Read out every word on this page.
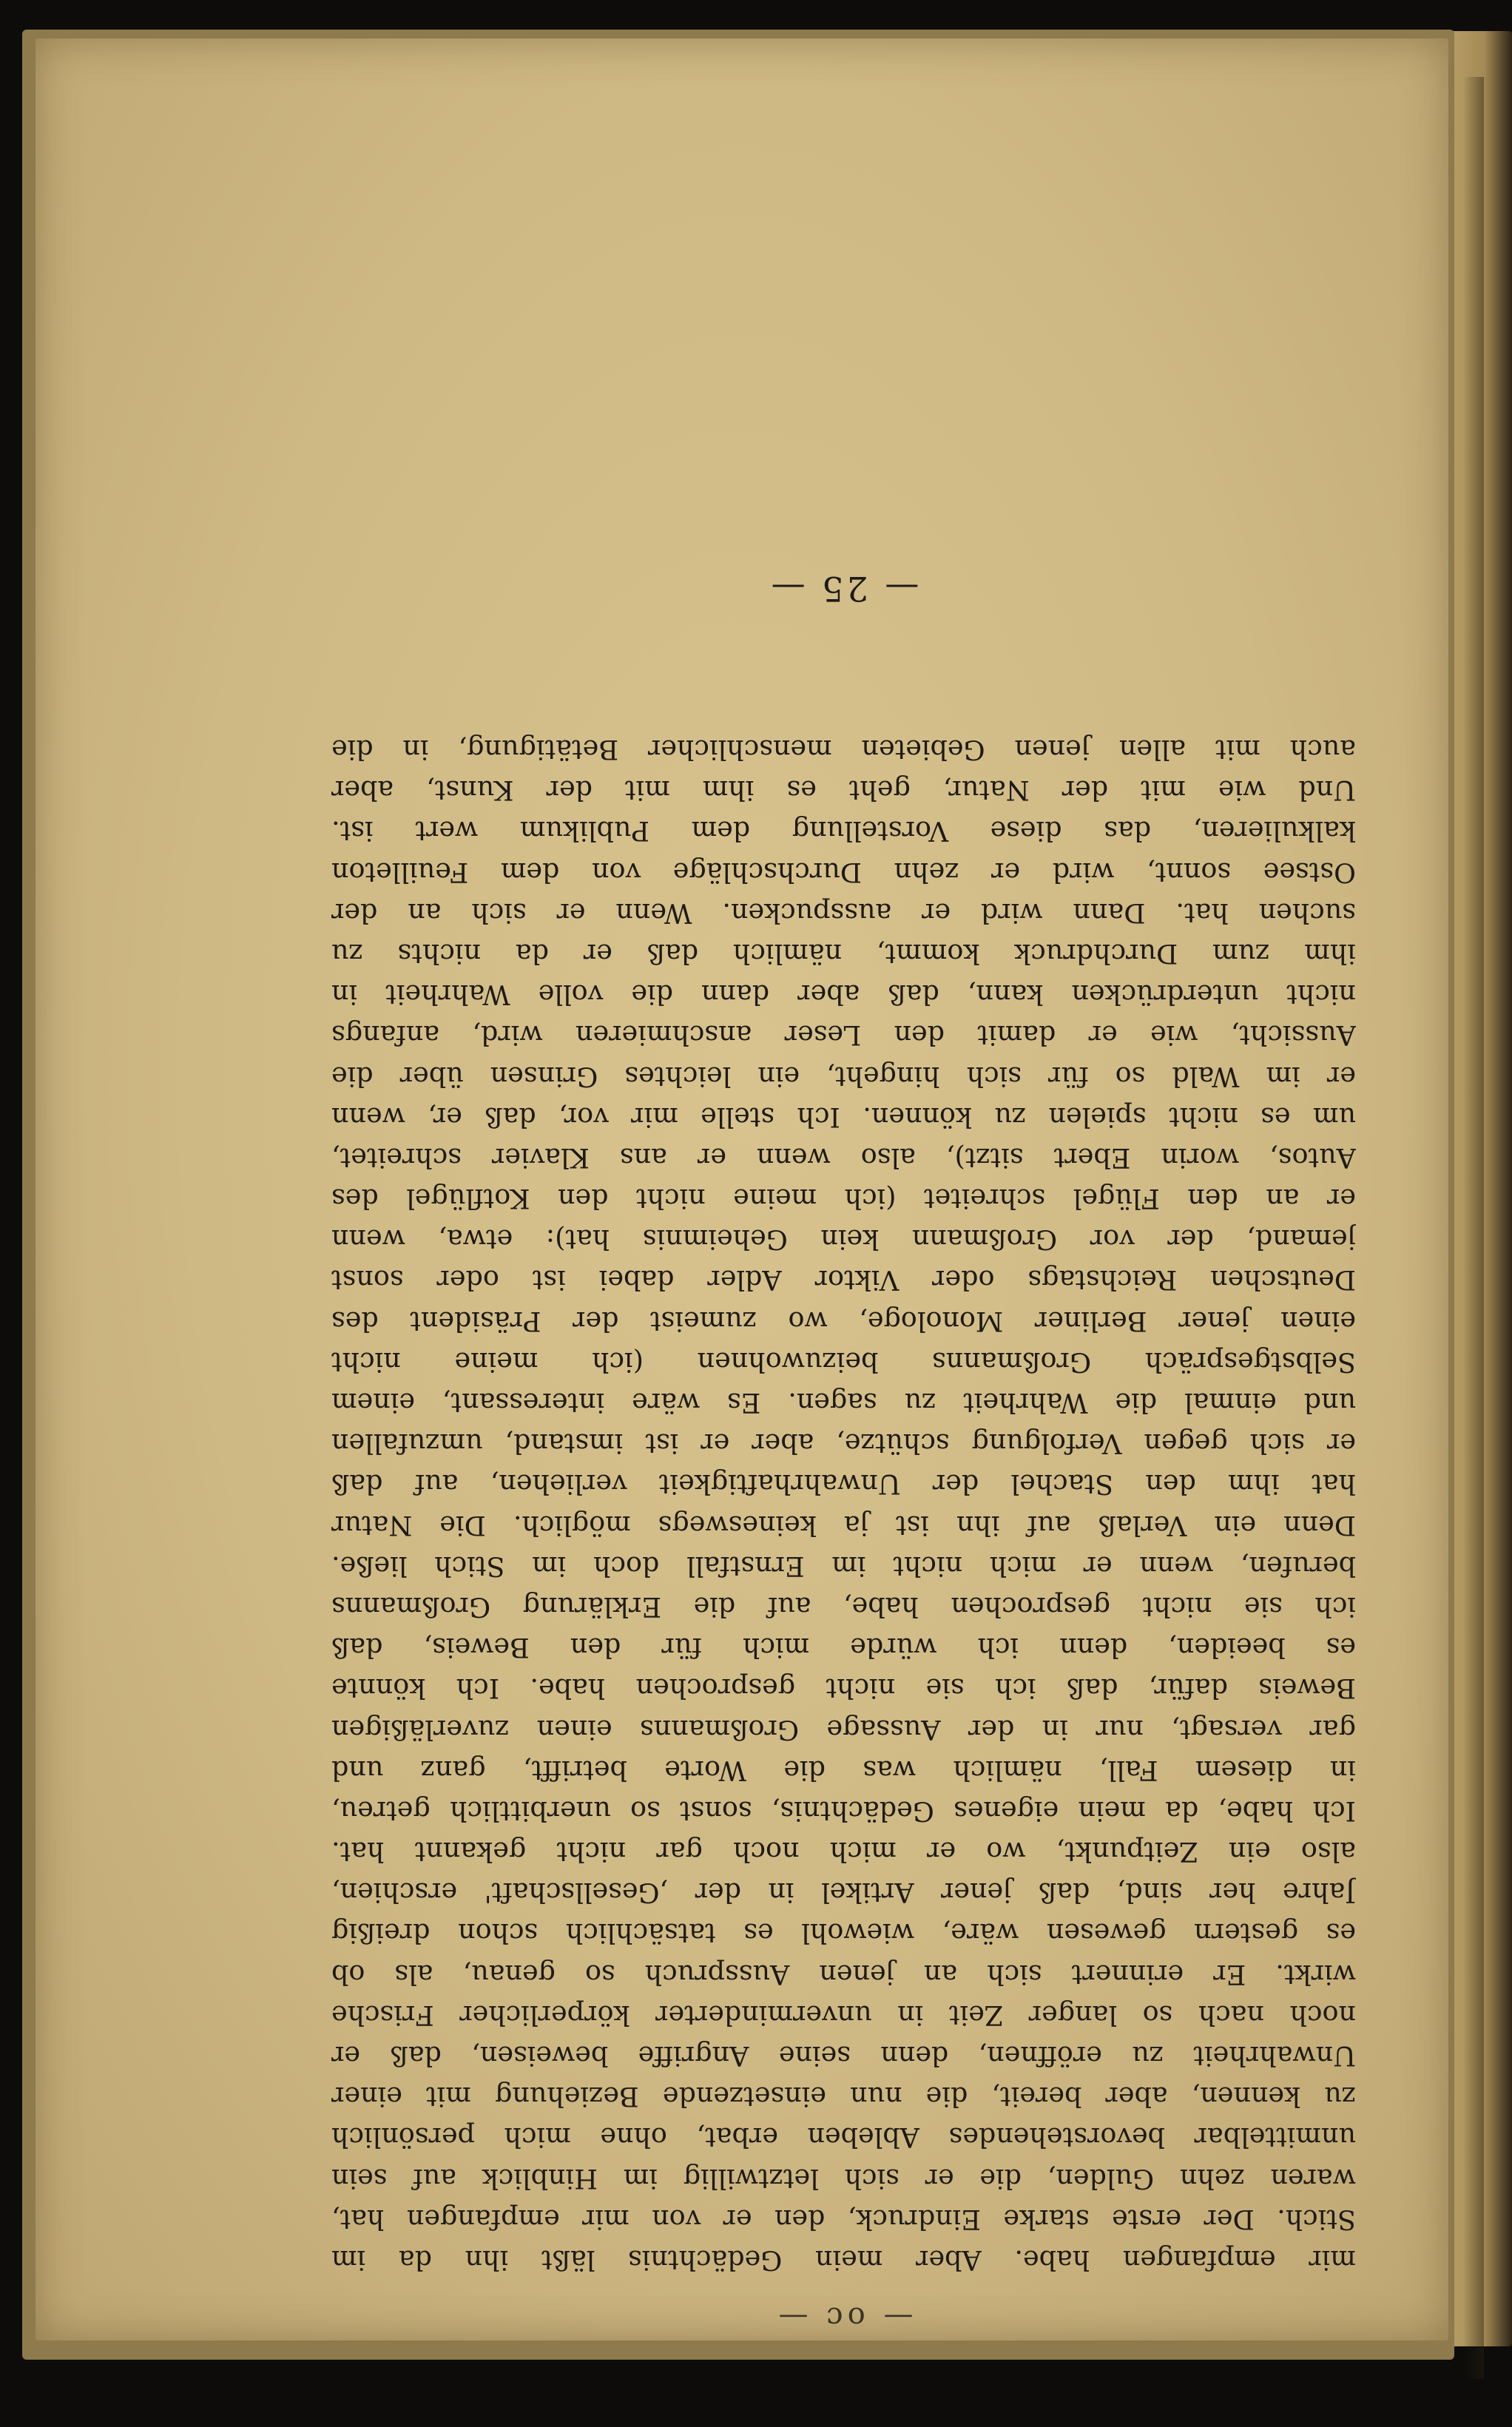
— oc —
mir empfangen habe. Aber mein Gedächtnis läßt ihn da im
Stich. Der erste starke Eindruck, den er von mir empfangen hat,
waren zehn Gulden, die er sich letztwillig im Hinblick auf sein
unmittelbar bevorstehendes Ableben erbat, ohne mich persönlich
zu kennen, aber bereit, die nun einsetzende Beziehung mit einer
Unwahrheit zu eröffnen, denn seine Angriffe beweisen, daß er
noch nach so langer Zeit in unverminderter körperlicher Frische
wirkt. Er erinnert sich an jenen Ausspruch so genau, als ob
es gestern gewesen wäre, wiewohl es tatsächlich schon dreißig
Jahre her sind, daß jener Artikel in der ‚Gesellschaft' erschien,
also ein Zeitpunkt, wo er mich noch gar nicht gekannt hat.
Ich habe, da mein eigenes Gedächtnis, sonst so unerbittlich getreu,
in diesem Fall, nämlich was die Worte betrifft, ganz und
gar versagt, nur in der Aussage Großmanns einen zuverläßigen
Beweis dafür, daß ich sie nicht gesprochen habe. Ich könnte
es beeiden, denn ich würde mich für den Beweis, daß
ich sie nicht gesprochen habe, auf die Erklärung Großmanns
berufen, wenn er mich nicht im Ernstfall doch im Stich ließe.
Denn ein Verlaß auf ihn ist ja keineswegs möglich. Die Natur
hat ihm den Stachel der Unwahrhaftigkeit verliehen, auf daß
er sich gegen Verfolgung schütze, aber er ist imstand, umzufallen
und einmal die Wahrheit zu sagen. Es wäre interessant, einem
Selbstgespräch Großmanns beizuwohnen (ich meine nicht
einen jener Berliner Monologe, wo zumeist der Präsident des
Deutschen Reichstags oder Viktor Adler dabei ist oder sonst
jemand, der vor Großmann kein Geheimnis hat): etwa, wenn
er an den Flügel schreitet (ich meine nicht den Kotflügel des
Autos, worin Ebert sitzt), also wenn er ans Klavier schreitet,
um es nicht spielen zu können. Ich stelle mir vor, daß er, wenn
er im Wald so für sich hingeht, ein leichtes Grinsen über die
Aussicht, wie er damit den Leser anschmieren wird, anfangs
nicht unterdrücken kann, daß aber dann die volle Wahrheit in
ihm zum Durchdruck kommt, nämlich daß er da nichts zu
suchen hat. Dann wird er ausspucken. Wenn er sich an der
Ostsee sonnt, wird er zehn Durchschläge von dem Feuilleton
kalkulieren, das diese Vorstellung dem Publikum wert ist.
Und wie mit der Natur, geht es ihm mit der Kunst, aber
auch mit allen jenen Gebieten menschlicher Betätigung, in die
— 25 —
